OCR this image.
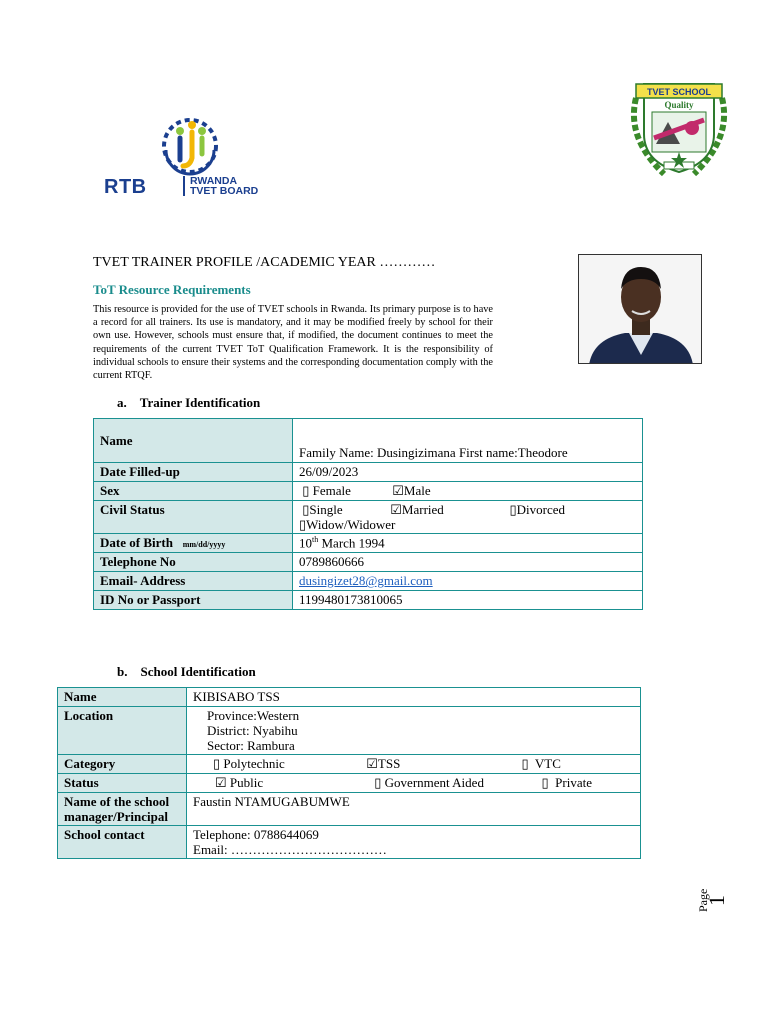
RTB	RWANDA
TVET BOARD
TVET SCHOOL
Quality
TVET TRAINER PROFILE /ACADEMIC YEAR …………
ToT Resource Requirements
This resource is provided for the use of TVET schools in Rwanda. Its primary purpose is to have a record for all trainers. Its use is mandatory, and it may be modified freely by school for their own use. However, schools must ensure that, if modified, the document continues to meet the requirements of the current TVET ToT Qualification Framework. It is the responsibility of individual schools to ensure their systems and the corresponding documentation comply with the current RTQF.
a. Trainer Identification
Name	Family Name: Dusingizimana First name:Theodore
Date Filled-up	26/09/2023
Sex	▯ Female ☑Male
Civil Status	▯Single ☑Married ▯Divorced
▯Widow/Widower
Date of Birth mm/dd/yyyy	10th March 1994
Telephone No	0789860666
Email- Address	dusingizet28@gmail.com
ID No or Passport	1199480173810065
b. School Identification
Name	KIBISABO TSS
Location	Province:Western
District: Nyabihu
Sector: Rambura

Category	▯ Polytechnic ☑TSS ▯ VTC
Status	☑ Public ▯ Government Aided ▯ Private
Name of the school manager/Principal	Faustin NTAMUGABUMWE
School contact	Telephone: 0788644069
Email: ………………………………
Page
1
